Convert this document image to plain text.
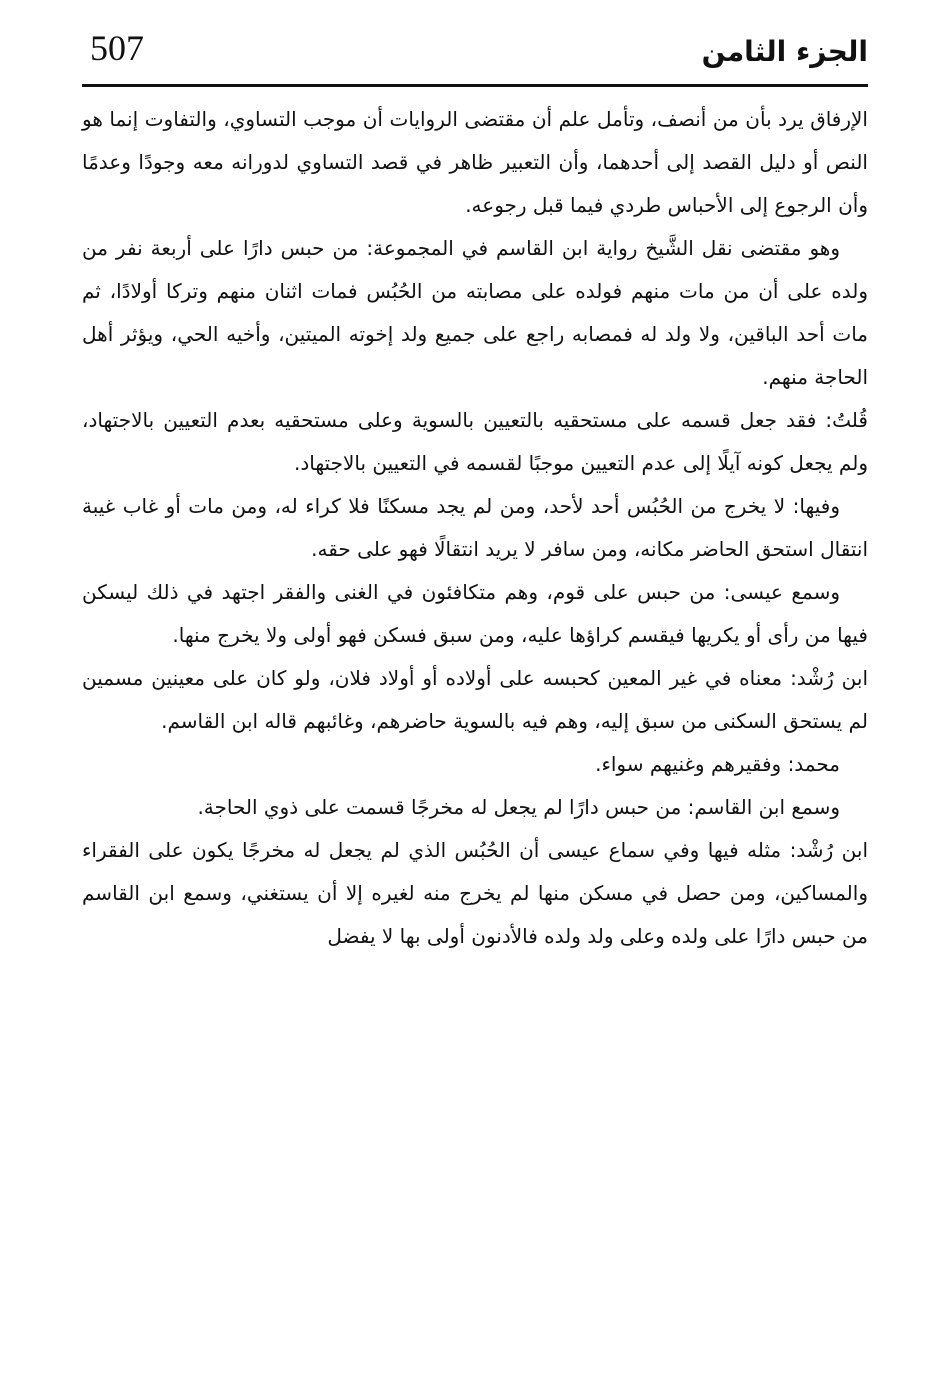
507	الجزء الثامن

الإرفاق يرد بأن من أنصف، وتأمل علم أن مقتضى الروايات أن موجب التساوي، والتفاوت إنما هو النص أو دليل القصد إلى أحدهما، وأن التعبير ظاهر في قصد التساوي لدورانه معه وجودًا وعدمًا وأن الرجوع إلى الأحباس طردي فيما قبل رجوعه.

وهو مقتضى نقل الشَّيخ رواية ابن القاسم في المجموعة: من حبس دارًا على أربعة نفر من ولده على أن من مات منهم فولده على مصابته من الحُبُس فمات اثنان منهم وتركا أولادًا، ثم مات أحد الباقين، ولا ولد له فمصابه راجع على جميع ولد إخوته الميتين، وأخيه الحي، ويؤثر أهل الحاجة منهم.

قُلتُ: فقد جعل قسمه على مستحقيه بالتعيين بالسوية وعلى مستحقيه بعدم التعيين بالاجتهاد، ولم يجعل كونه آيلًا إلى عدم التعيين موجبًا لقسمه في التعيين بالاجتهاد.

وفيها: لا يخرج من الحُبُس أحد لأحد، ومن لم يجد مسكنًا فلا كراء له، ومن مات أو غاب غيبة انتقال استحق الحاضر مكانه، ومن سافر لا يريد انتقالًا فهو على حقه.

وسمع عيسى: من حبس على قوم، وهم متكافئون في الغنى والفقر اجتهد في ذلك ليسكن فيها من رأى أو يكريها فيقسم كراؤها عليه، ومن سبق فسكن فهو أولى ولا يخرج منها.

ابن رُشْد: معناه في غير المعين كحبسه على أولاده أو أولاد فلان، ولو كان على معينين مسمين لم يستحق السكنى من سبق إليه، وهم فيه بالسوية حاضرهم، وغائبهم قاله ابن القاسم.

محمد: وفقيرهم وغنيهم سواء.

وسمع ابن القاسم: من حبس دارًا لم يجعل له مخرجًا قسمت على ذوي الحاجة.

ابن رُشْد: مثله فيها وفي سماع عيسى أن الحُبُس الذي لم يجعل له مخرجًا يكون على الفقراء والمساكين، ومن حصل في مسكن منها لم يخرج منه لغيره إلا أن يستغني، وسمع ابن القاسم من حبس دارًا على ولده وعلى ولد ولده فالأدنون أولى بها لا يفضل
